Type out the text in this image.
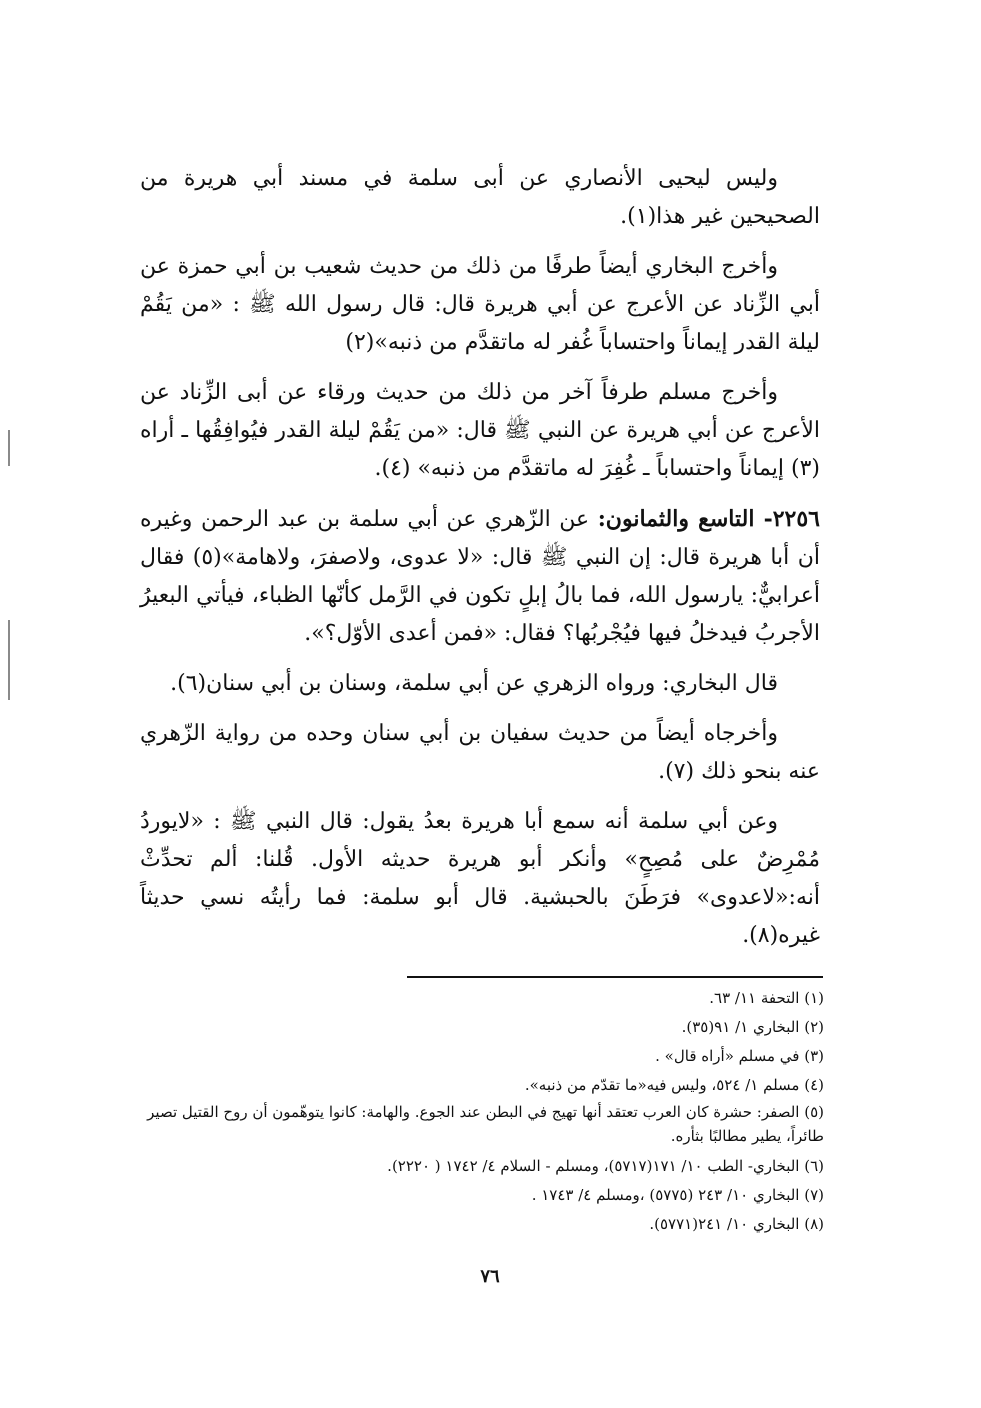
وليس ليحيى الأنصاري عن أبى سلمة في مسند أبي هريرة من الصحيحين غير هذا(١).

وأخرج البخاري أيضاً طرفًا من ذلك من حديث شعيب بن أبي حمزة عن أبي الزِّناد عن الأعرج عن أبي هريرة قال: قال رسول الله ﷺ : «من يَقُمْ ليلة القدر إيماناً واحتساباً غُفر له ماتقدَّم من ذنبه»(٢)

وأخرج مسلم طرفاً آخر من ذلك من حديث ورقاء عن أبى الزِّناد عن الأعرج عن أبي هريرة عن النبي ﷺ قال: «من يَقُمْ ليلة القدر فيُوافِقُها ـ أراه (٣) إيماناً واحتساباً ـ غُفِرَ له ماتقدَّم من ذنبه» (٤).

٢٢٥٦- التاسع والثمانون: عن الزّهري عن أبي سلمة بن عبد الرحمن وغيره أن أبا هريرة قال: إن النبي ﷺ قال: «لا عدوى، ولاصفرَ، ولاهامة»(٥) فقال أعرابيٌّ: يارسول الله، فما بالُ إبلٍ تكون في الرَّمل كأنّها الظباء، فيأتي البعيرُ الأجربُ فيدخلُ فيها فيُجْربُها؟ فقال: «فمن أعدى الأوّل؟».

قال البخاري: ورواه الزهري عن أبي سلمة، وسنان بن أبي سنان(٦).

وأخرجاه أيضاً من حديث سفيان بن أبي سنان وحده من رواية الزّهري عنه بنحو ذلك (٧).

وعن أبي سلمة أنه سمع أبا هريرة بعدُ يقول: قال النبي ﷺ : «لايوردُ مُمْرِضٌ على مُصِحٍ» وأنكر أبو هريرة حديثه الأول. قُلنا: ألم تحدِّثْ أنه:«لاعدوى» فرَطَنَ بالحبشية. قال أبو سلمة: فما رأيتُه نسي حديثاً غيره(٨).

(١) التحفة ١١/ ٦٣.

(٢) البخاري ١/ ٩١(٣٥).

(٣) في مسلم «أراه قال» .

(٤) مسلم ١/ ٥٢٤، وليس فيه«ما تقدّم من ذنبه».

(٥) الصفر: حشرة كان العرب تعتقد أنها تهيج في البطن عند الجوع. والهامة: كانوا يتوهّمون أن روح القتيل تصير طائراً، يطير مطالبًا بثأره.

(٦) البخاري- الطب ١٠/ ١٧١(٥٧١٧)، ومسلم - السلام ٤/ ١٧٤٢ ( ٢٢٢٠).

(٧) البخاري ١٠/ ٢٤٣ (٥٧٧٥) ،ومسلم ٤/ ١٧٤٣ .

(٨) البخاري ١٠/ ٢٤١(٥٧٧١).

٧٦
